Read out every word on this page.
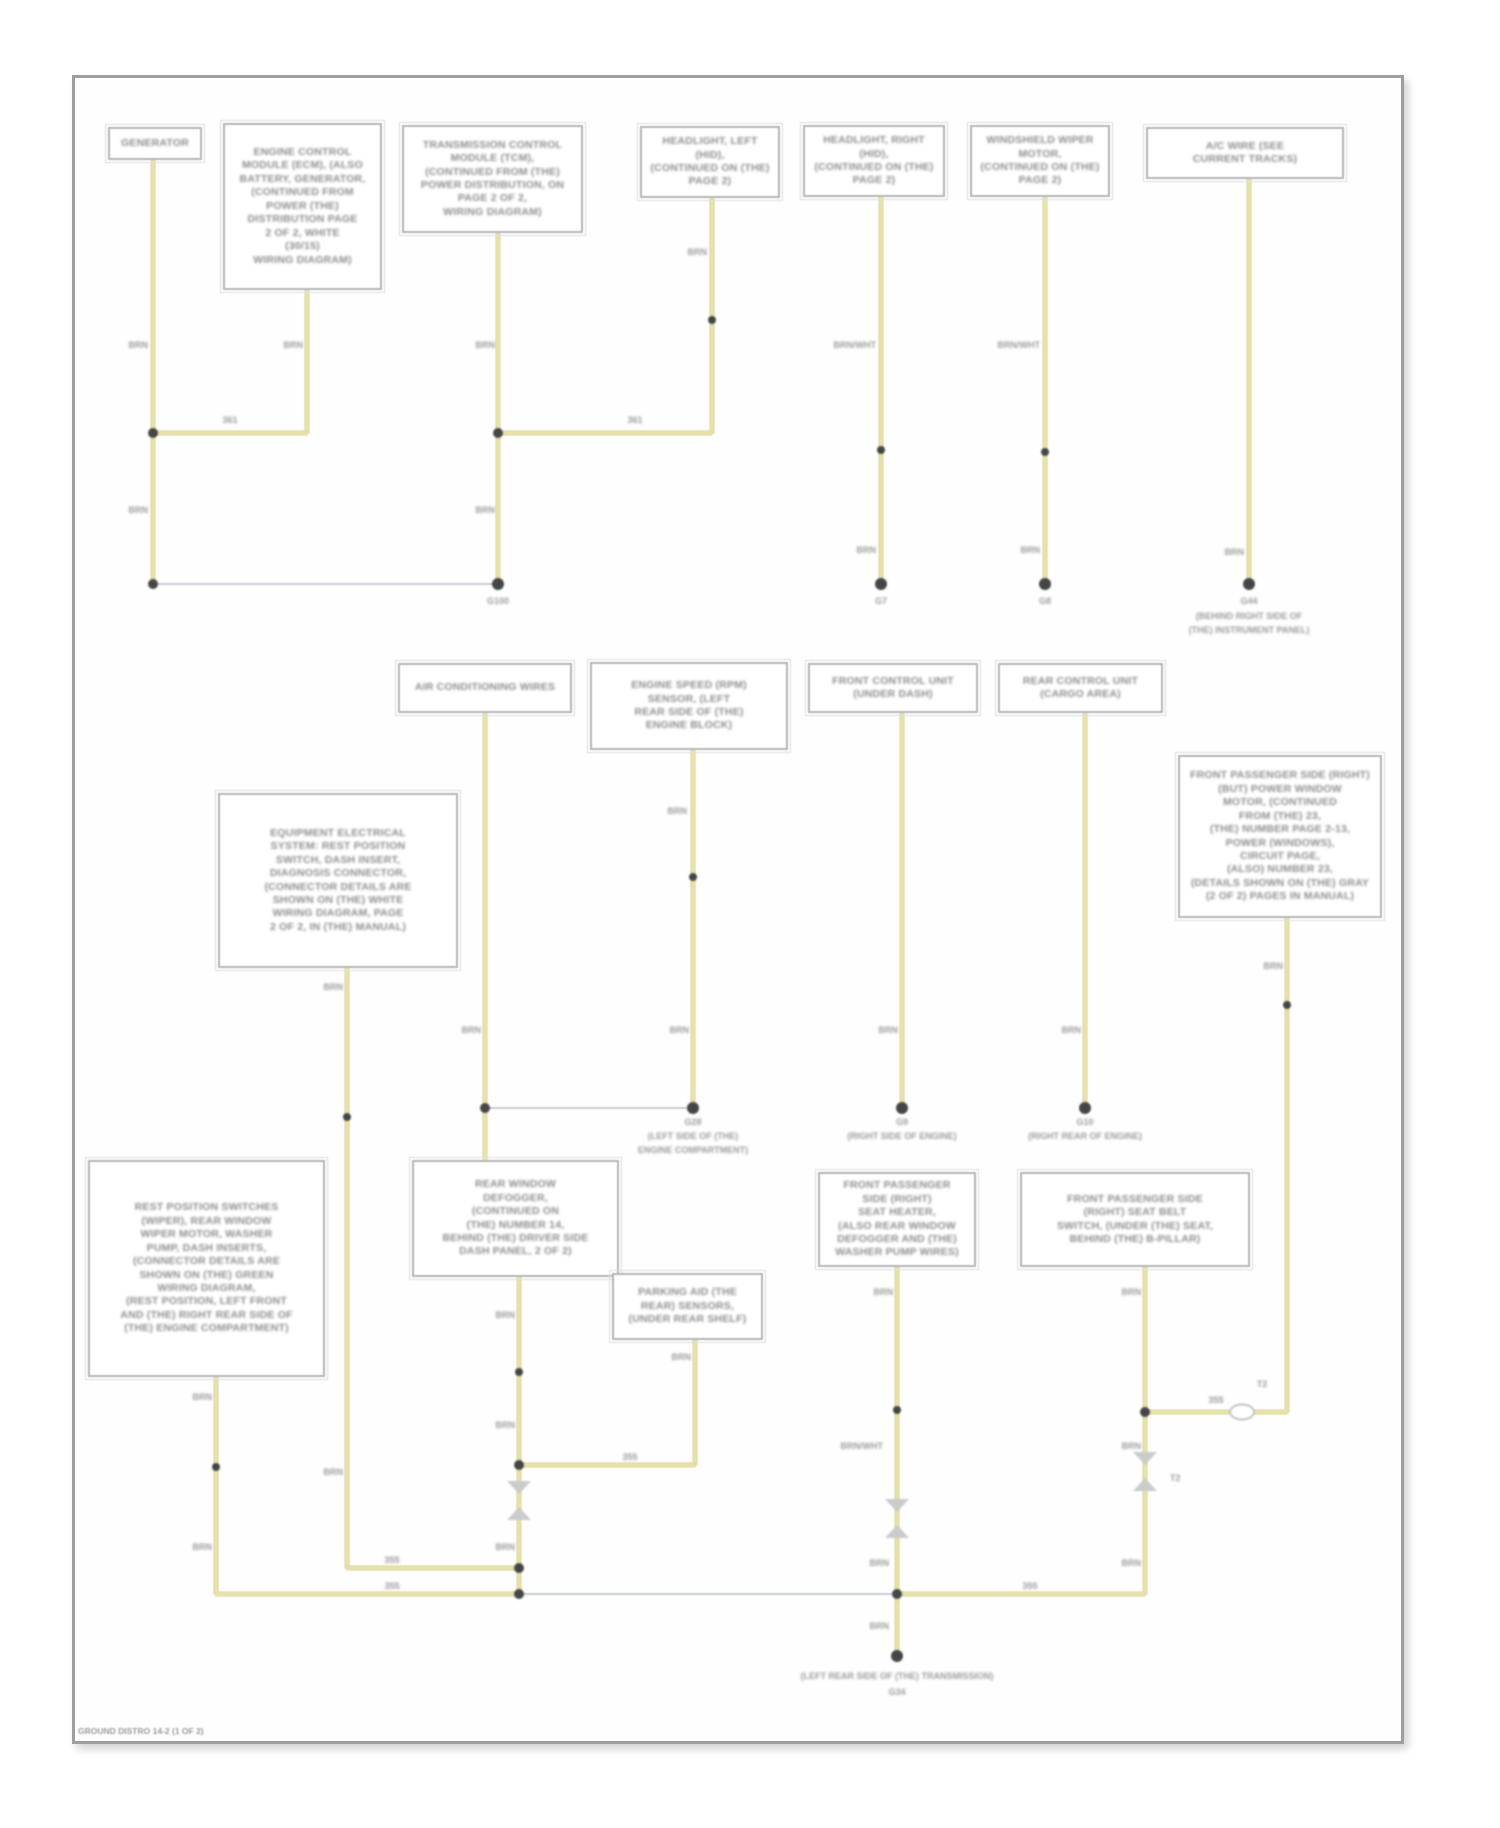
GENERATOR
ENGINE CONTROL
MODULE (ECM), (ALSO
BATTERY, GENERATOR,
(CONTINUED FROM
POWER (THE)
DISTRIBUTION PAGE
2 OF 2, WHITE
(30/15)
WIRING DIAGRAM)
TRANSMISSION CONTROL
MODULE (TCM),
(CONTINUED FROM (THE)
POWER DISTRIBUTION, ON
PAGE 2 OF 2,
WIRING DIAGRAM)
HEADLIGHT, LEFT
(HID),
(CONTINUED ON (THE)
PAGE 2)
HEADLIGHT, RIGHT
(HID),
(CONTINUED ON (THE)
PAGE 2)
WINDSHIELD WIPER
MOTOR,
(CONTINUED ON (THE)
PAGE 2)
A/C WIRE (SEE
CURRENT TRACKS)
AIR CONDITIONING WIRES	ENGINE SPEED (RPM)
SENSOR, (LEFT
REAR SIDE OF (THE)
ENGINE BLOCK)
FRONT CONTROL UNIT
(UNDER DASH)
REAR CONTROL UNIT
(CARGO AREA)
EQUIPMENT ELECTRICAL
SYSTEM: REST POSITION
SWITCH, DASH INSERT,
DIAGNOSIS CONNECTOR,
(CONNECTOR DETAILS ARE
SHOWN ON (THE) WHITE
WIRING DIAGRAM, PAGE
2 OF 2, IN (THE) MANUAL)
FRONT PASSENGER SIDE (RIGHT)
(BUT) POWER WINDOW
MOTOR, (CONTINUED
FROM (THE) 23,
(THE) NUMBER PAGE 2-13,
POWER (WINDOWS),
CIRCUIT PAGE,
(ALSO) NUMBER 23,
(DETAILS SHOWN ON (THE) GRAY
(2 OF 2) PAGES IN MANUAL)
REST POSITION SWITCHES
(WIPER), REAR WINDOW
WIPER MOTOR, WASHER
PUMP, DASH INSERTS,
(CONNECTOR DETAILS ARE
SHOWN ON (THE) GREEN
WIRING DIAGRAM,
(REST POSITION, LEFT FRONT
AND (THE) RIGHT REAR SIDE OF
(THE) ENGINE COMPARTMENT)
REAR WINDOW
DEFOGGER,
(CONTINUED ON
(THE) NUMBER 14,
BEHIND (THE) DRIVER SIDE
DASH PANEL, 2 OF 2)
FRONT PASSENGER
SIDE (RIGHT)
SEAT HEATER,
(ALSO REAR WINDOW
DEFOGGER AND (THE)
WASHER PUMP WIRES)
FRONT PASSENGER SIDE
(RIGHT) SEAT BELT
SWITCH, (UNDER (THE) SEAT,
BEHIND (THE) B-PILLAR)
PARKING AID (THE
REAR) SENSORS,
(UNDER REAR SHELF)
BRN	BRN	BRN
BRN
BRN/WHT	BRN/WHT
361	361
BRN	BRN
BRN	BRN	BRN
G100	G7	G8	G44
(BEHIND RIGHT SIDE OF
(THE) INSTRUMENT PANEL)
BRN
BRN	BRN	BRN	BRN
G28
(LEFT SIDE OF (THE)
ENGINE COMPARTMENT)
G9
(RIGHT SIDE OF ENGINE)
G10
(RIGHT REAR OF ENGINE)
BRN
BRN
BRN
BRN
BRN
BRN
BRN
BRN
355
355
355
BRN
355
T2
BRN
BRN/WHT
BRN
BRN
355
BRN
BRN
T2
BRN
(LEFT REAR SIDE OF (THE) TRANSMISSION)
G34
GROUND DISTRO 14-2 (1 OF 2)
